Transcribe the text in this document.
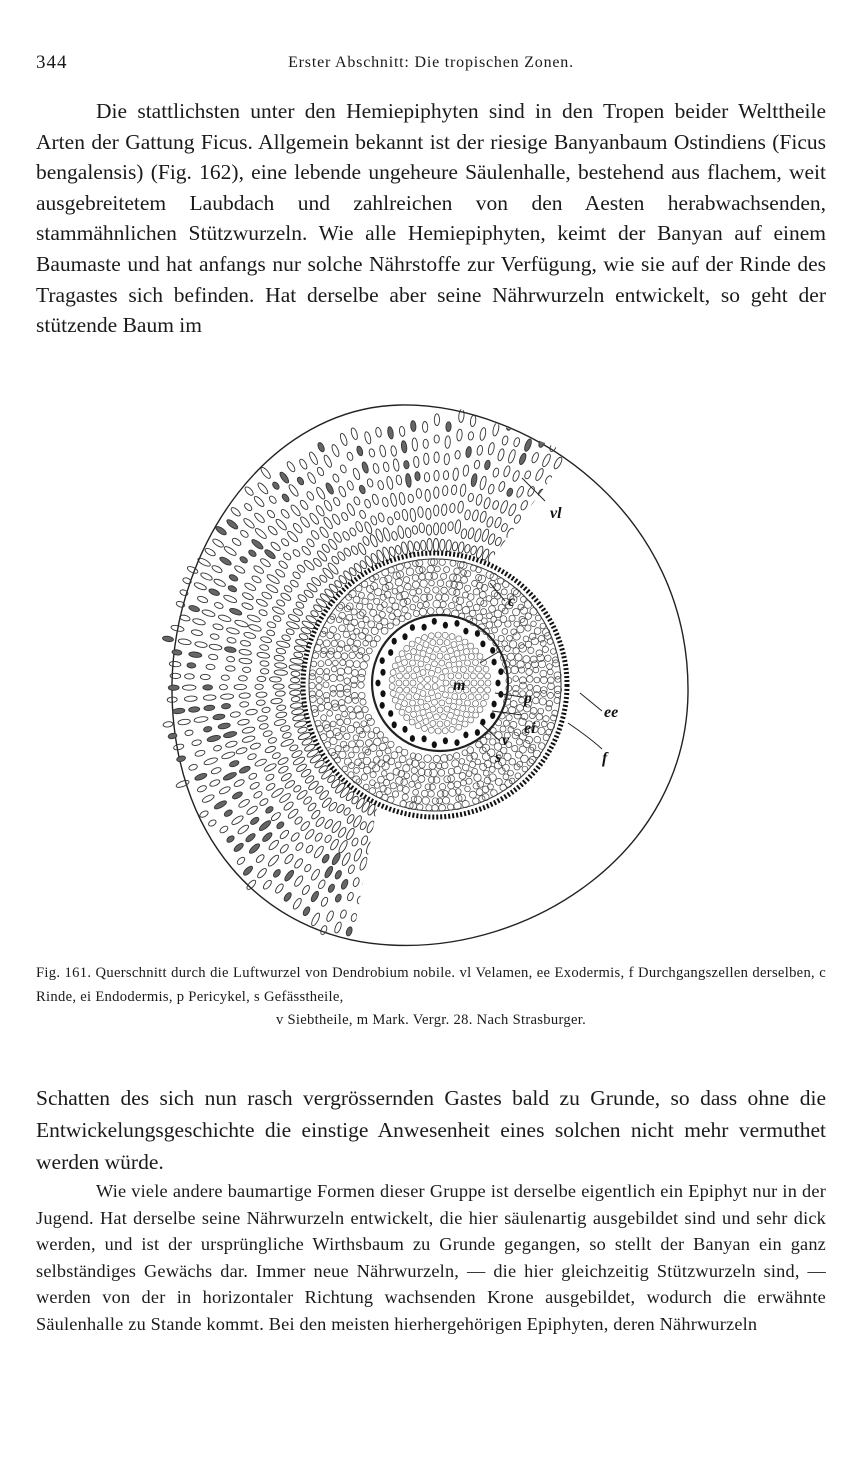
344	Erster Abschnitt: Die tropischen Zonen.

Die stattlichsten unter den Hemiepiphyten sind in den Tropen beider Welttheile Arten der Gattung Ficus. Allgemein bekannt ist der riesige Banyanbaum Ostindiens (Ficus bengalensis) (Fig. 162), eine lebende ungeheure Säulenhalle, bestehend aus flachem, weit ausgebreitetem Laubdach und zahlreichen von den Aesten herabwachsenden, stammähnlichen Stützwurzeln. Wie alle Hemiepiphyten, keimt der Banyan auf einem Baumaste und hat anfangs nur solche Nährstoffe zur Verfügung, wie sie auf der Rinde des Tragastes sich befinden. Hat derselbe aber seine Nährwurzeln entwickelt, so geht der stützende Baum im

vl
c
m
p
ee
ei
v
s	f

Fig. 161. Querschnitt durch die Luftwurzel von Dendrobium nobile. vl Velamen, ee Exodermis, f Durchgangszellen derselben, c Rinde, ei Endodermis, p Pericykel, s Gefässtheile,
v Siebtheile, m Mark. Vergr. 28. Nach Strasburger.

Schatten des sich nun rasch vergrössernden Gastes bald zu Grunde, so dass ohne die Entwickelungsgeschichte die einstige Anwesenheit eines solchen nicht mehr vermuthet werden würde.

Wie viele andere baumartige Formen dieser Gruppe ist derselbe eigentlich ein Epiphyt nur in der Jugend. Hat derselbe seine Nährwurzeln entwickelt, die hier säulenartig ausgebildet sind und sehr dick werden, und ist der ursprüngliche Wirthsbaum zu Grunde gegangen, so stellt der Banyan ein ganz selbständiges Gewächs dar. Immer neue Nährwurzeln, — die hier gleichzeitig Stützwurzeln sind, — werden von der in horizontaler Richtung wachsenden Krone ausgebildet, wodurch die erwähnte Säulenhalle zu Stande kommt. Bei den meisten hierhergehörigen Epiphyten, deren Nährwurzeln
